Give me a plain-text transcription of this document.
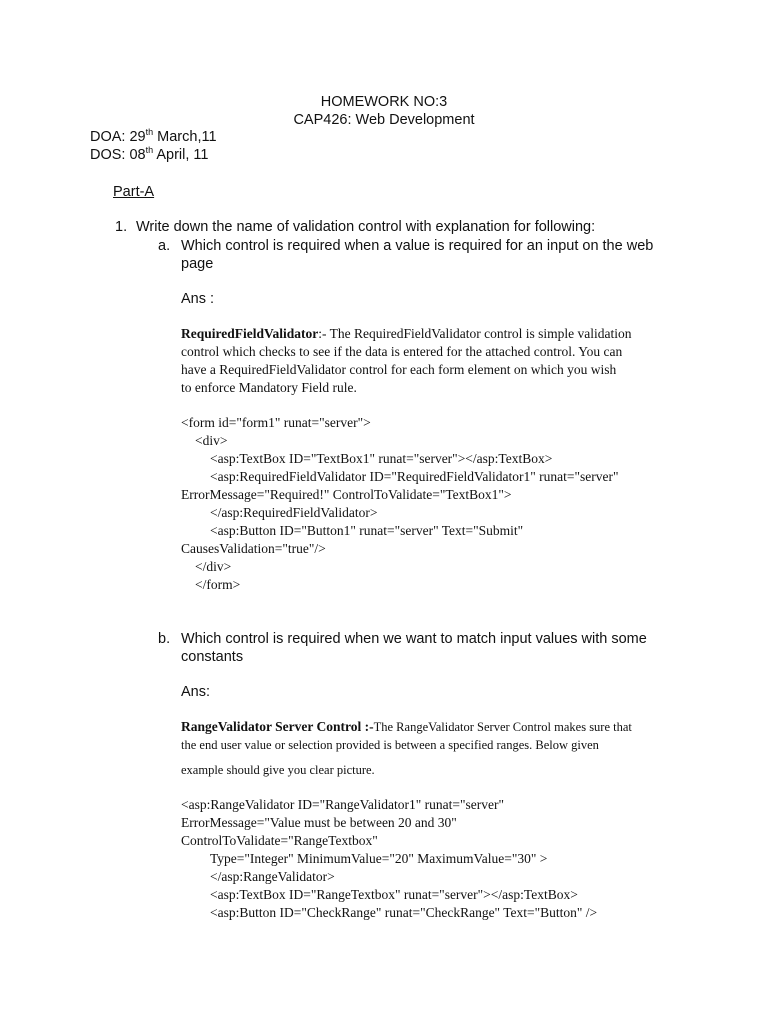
HOMEWORK NO:3
CAP426: Web Development
DOA: 29th March,11
DOS: 08th April, 11
Part-A
1. Write down the name of validation control with explanation for following:
a. Which control is required when a value is required for an input on the web
page
Ans :
RequiredFieldValidator:- The RequiredFieldValidator control is simple validation
control which checks to see if the data is entered for the attached control. You can
have a RequiredFieldValidator control for each form element on which you wish
to enforce Mandatory Field rule.
<form id="form1" runat="server">
<div>
<asp:TextBox ID="TextBox1" runat="server"></asp:TextBox>
<asp:RequiredFieldValidator ID="RequiredFieldValidator1" runat="server"
ErrorMessage="Required!" ControlToValidate="TextBox1">
</asp:RequiredFieldValidator>
<asp:Button ID="Button1" runat="server" Text="Submit"
CausesValidation="true"/>
</div>
</form>
b. Which control is required when we want to match input values with some
constants
Ans:
RangeValidator Server Control :-The RangeValidator Server Control makes sure that
the end user value or selection provided is between a specified ranges. Below given
example should give you clear picture.
<asp:RangeValidator ID="RangeValidator1" runat="server"
ErrorMessage="Value must be between 20 and 30"
ControlToValidate="RangeTextbox"
Type="Integer" MinimumValue="20" MaximumValue="30" >
</asp:RangeValidator>
<asp:TextBox ID="RangeTextbox" runat="server"></asp:TextBox>
<asp:Button ID="CheckRange" runat="CheckRange" Text="Button" />
